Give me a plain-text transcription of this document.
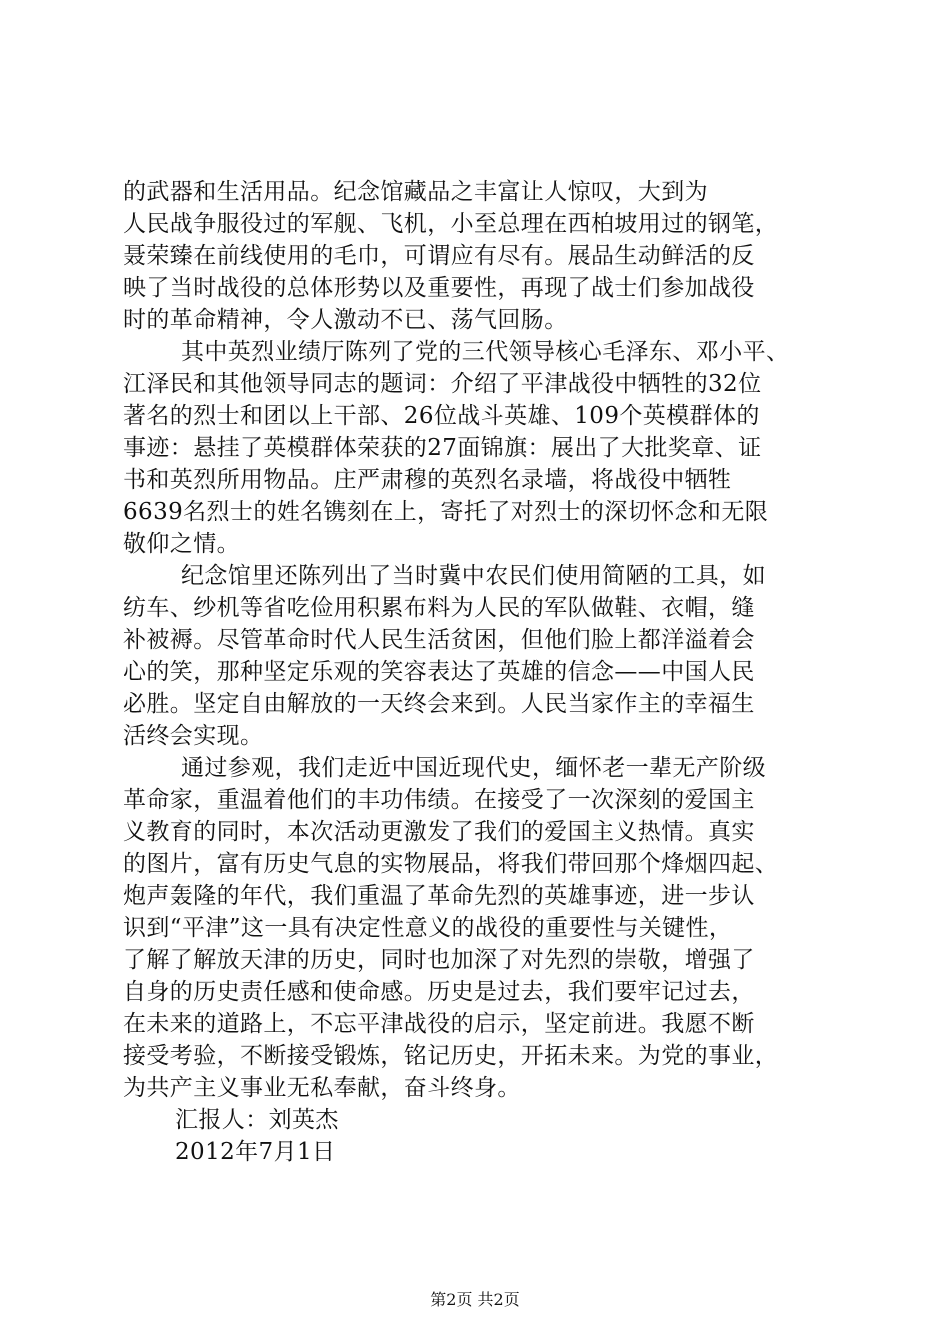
的武器和生活用品。纪念馆藏品之丰富让人惊叹，大到为
人民战争服役过的军舰、飞机，小至总理在西柏坡用过的钢笔，
聂荣臻在前线使用的毛巾，可谓应有尽有。展品生动鲜活的反
映了当时战役的总体形势以及重要性，再现了战士们参加战役
时的革命精神，令人激动不已、荡气回肠。
其中英烈业绩厅陈列了党的三代领导核心毛泽东、邓小平、
江泽民和其他领导同志的题词：介绍了平津战役中牺牲的32位
著名的烈士和团以上干部、26位战斗英雄、109个英模群体的
事迹：悬挂了英模群体荣获的27面锦旗：展出了大批奖章、证
书和英烈所用物品。庄严肃穆的英烈名录墙，将战役中牺牲
6639名烈士的姓名镌刻在上，寄托了对烈士的深切怀念和无限
敬仰之情。
纪念馆里还陈列出了当时冀中农民们使用简陋的工具，如
纺车、纱机等省吃俭用积累布料为人民的军队做鞋、衣帽，缝
补被褥。尽管革命时代人民生活贫困，但他们脸上都洋溢着会
心的笑，那种坚定乐观的笑容表达了英雄的信念——中国人民
必胜。坚定自由解放的一天终会来到。人民当家作主的幸福生
活终会实现。
通过参观，我们走近中国近现代史，缅怀老一辈无产阶级
革命家，重温着他们的丰功伟绩。在接受了一次深刻的爱国主
义教育的同时，本次活动更激发了我们的爱国主义热情。真实
的图片，富有历史气息的实物展品，将我们带回那个烽烟四起、
炮声轰隆的年代，我们重温了革命先烈的英雄事迹，进一步认
识到“平津”这一具有决定性意义的战役的重要性与关键性，
了解了解放天津的历史，同时也加深了对先烈的崇敬，增强了
自身的历史责任感和使命感。历史是过去，我们要牢记过去，
在未来的道路上，不忘平津战役的启示，坚定前进。我愿不断
接受考验，不断接受锻炼，铭记历史，开拓未来。为党的事业，
为共产主义事业无私奉献，奋斗终身。
汇报人：刘英杰
2012年7月1日
第2页 共2页
